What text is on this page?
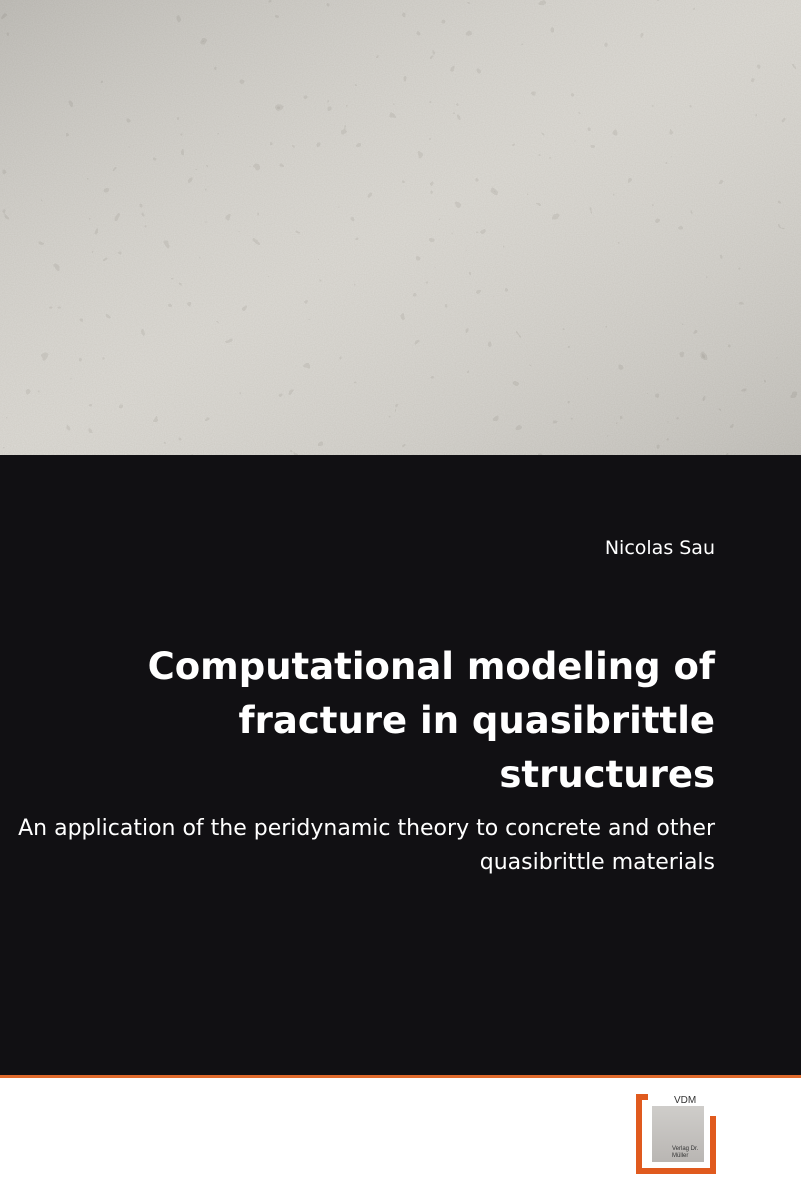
Nicolas Sau
Computational modeling of fracture in quasibrittle structures
An application of the peridynamic theory to concrete and other quasibrittle materials
VDM
Verlag Dr. Müller
